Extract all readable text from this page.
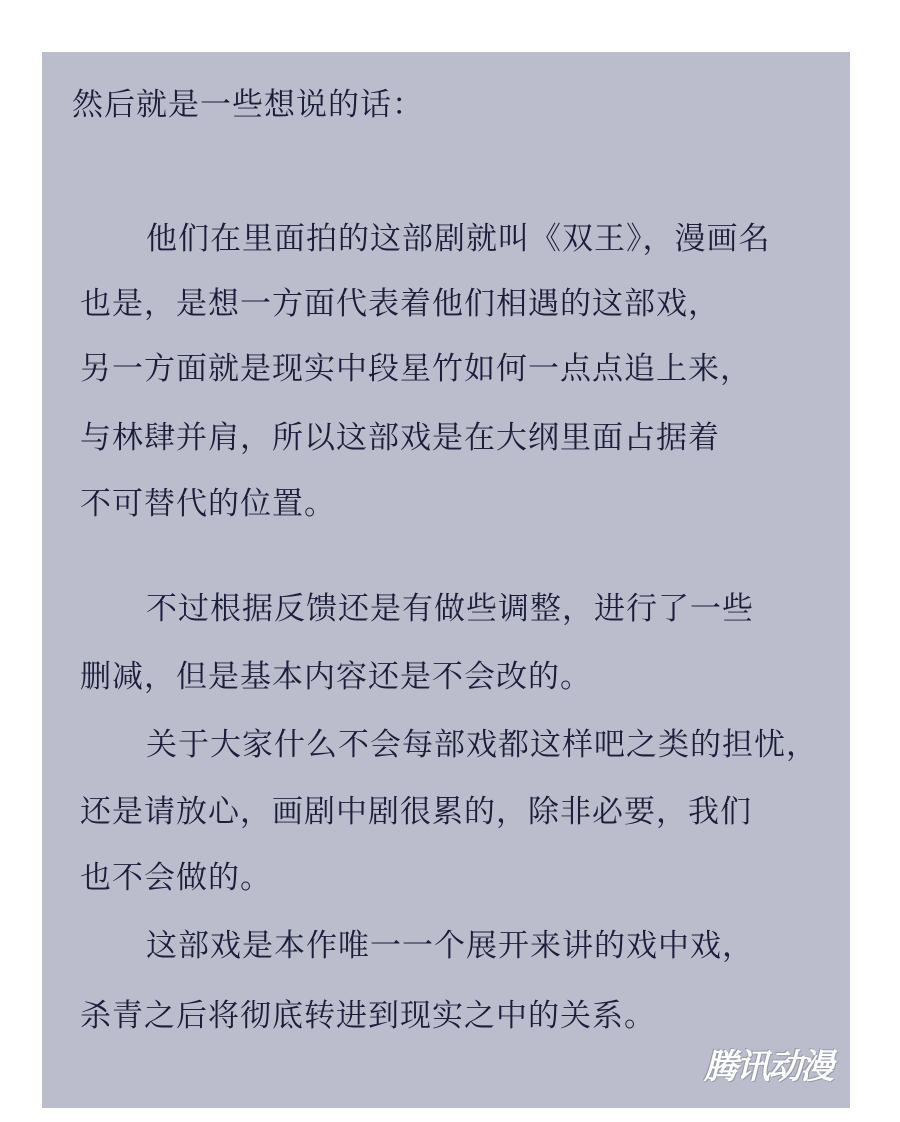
然后就是一些想说的话：
他们在里面拍的这部剧就叫《双王》，漫画名
也是，是想一方面代表着他们相遇的这部戏，
另一方面就是现实中段星竹如何一点点追上来，
与林肆并肩，所以这部戏是在大纲里面占据着
不可替代的位置。
不过根据反馈还是有做些调整，进行了一些
删减，但是基本内容还是不会改的。
关于大家什么不会每部戏都这样吧之类的担忧，
还是请放心，画剧中剧很累的，除非必要，我们
也不会做的。
这部戏是本作唯一一个展开来讲的戏中戏，
杀青之后将彻底转进到现实之中的关系。
腾讯动漫
